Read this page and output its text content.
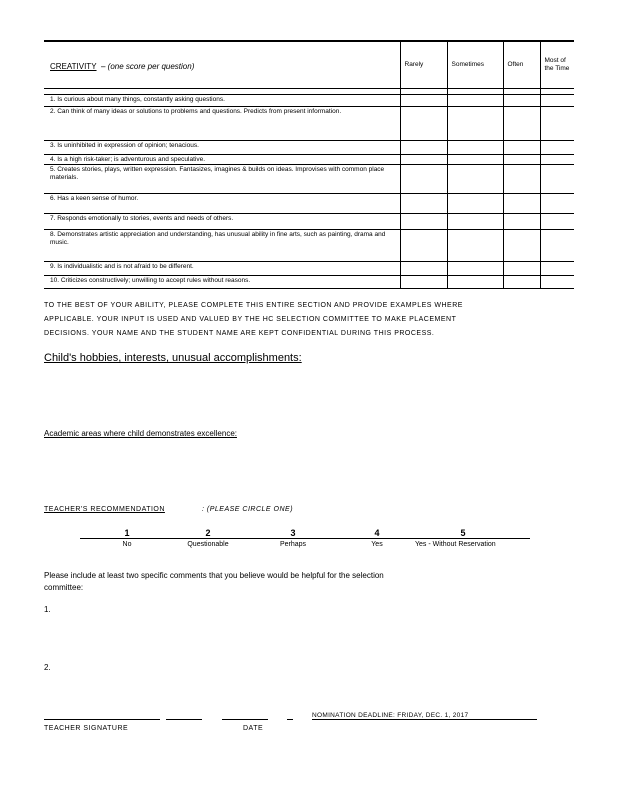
CREATIVITY – (one score per question)	Rarely	Sometimes	Often	Most of the Time

1. Is curious about many things, constantly asking questions.
2. Can think of many ideas or solutions to problems and questions. Predicts from present information.
3. Is uninhibited in expression of opinion; tenacious.
4. Is a high risk-taker; is adventurous and speculative.
5. Creates stories, plays, written expression. Fantasizes, imagines & builds on ideas. Improvises with common place materials.
6. Has a keen sense of humor.
7. Responds emotionally to stories, events and needs of others.
8. Demonstrates artistic appreciation and understanding, has unusual ability in fine arts, such as painting, drama and music.
9. Is individualistic and is not afraid to be different.
10. Criticizes constructively; unwilling to accept rules without reasons.
TO THE BEST OF YOUR ABILITY, PLEASE COMPLETE THIS ENTIRE SECTION AND PROVIDE EXAMPLES WHERE
APPLICABLE. YOUR INPUT IS USED AND VALUED BY THE HC SELECTION COMMITTEE TO MAKE PLACEMENT
DECISIONS. YOUR NAME AND THE STUDENT NAME ARE KEPT CONFIDENTIAL DURING THIS PROCESS.
Child's hobbies, interests, unusual accomplishments:
Academic areas where child demonstrates excellence:
TEACHER'S RECOMMENDATION	: (PLEASE CIRCLE ONE)
1
No
2
Questionable
3
Perhaps
4
Yes
5
Yes - Without Reservation
Please include at least two specific comments that you believe would be helpful for the selection
committee:
1.
2.
NOMINATION DEADLINE: FRIDAY, DEC. 1, 2017
TEACHER SIGNATURE	DATE
